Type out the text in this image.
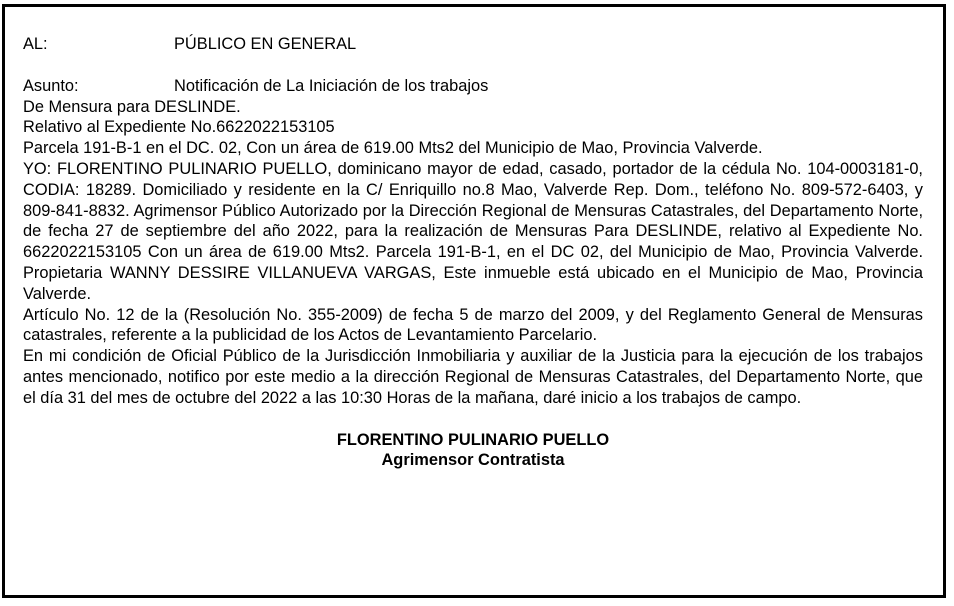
AL:	PÚBLICO EN GENERAL
Asunto:	Notificación de La Iniciación de los trabajos
De Mensura para DESLINDE.
Relativo al Expediente No.6622022153105
Parcela 191-B-1 en el DC. 02, Con un área de 619.00 Mts2 del Municipio de Mao, Provincia Valverde.

YO: FLORENTINO PULINARIO PUELLO, dominicano mayor de edad, casado, portador de la cédula No. 104-0003181-0, CODIA: 18289. Domiciliado y residente en la C/ Enriquillo no.8 Mao, Valverde Rep. Dom., teléfono No. 809-572-6403, y 809-841-8832. Agrimensor Público Autorizado por la Dirección Regional de Mensuras Catastrales, del Departamento Norte, de fecha 27 de septiembre del año 2022, para la realización de Mensuras Para DESLINDE, relativo al Expediente No. 6622022153105 Con un área de 619.00 Mts2. Parcela 191-B-1, en el DC 02, del Municipio de Mao, Provincia Valverde. Propietaria WANNY DESSIRE VILLANUEVA VARGAS, Este inmueble está ubicado en el Municipio de Mao, Provincia Valverde.

Artículo No. 12 de la (Resolución No. 355-2009) de fecha 5 de marzo del 2009, y del Reglamento General de Mensuras catastrales, referente a la publicidad de los Actos de Levantamiento Parcelario.

En mi condición de Oficial Público de la Jurisdicción Inmobiliaria y auxiliar de la Justicia para la ejecución de los trabajos antes mencionado, notifico por este medio a la dirección Regional de Mensuras Catastrales, del Departamento Norte, que el día 31 del mes de octubre del 2022 a las 10:30 Horas de la mañana, daré inicio a los trabajos de campo.

FLORENTINO PULINARIO PUELLO
Agrimensor Contratista
